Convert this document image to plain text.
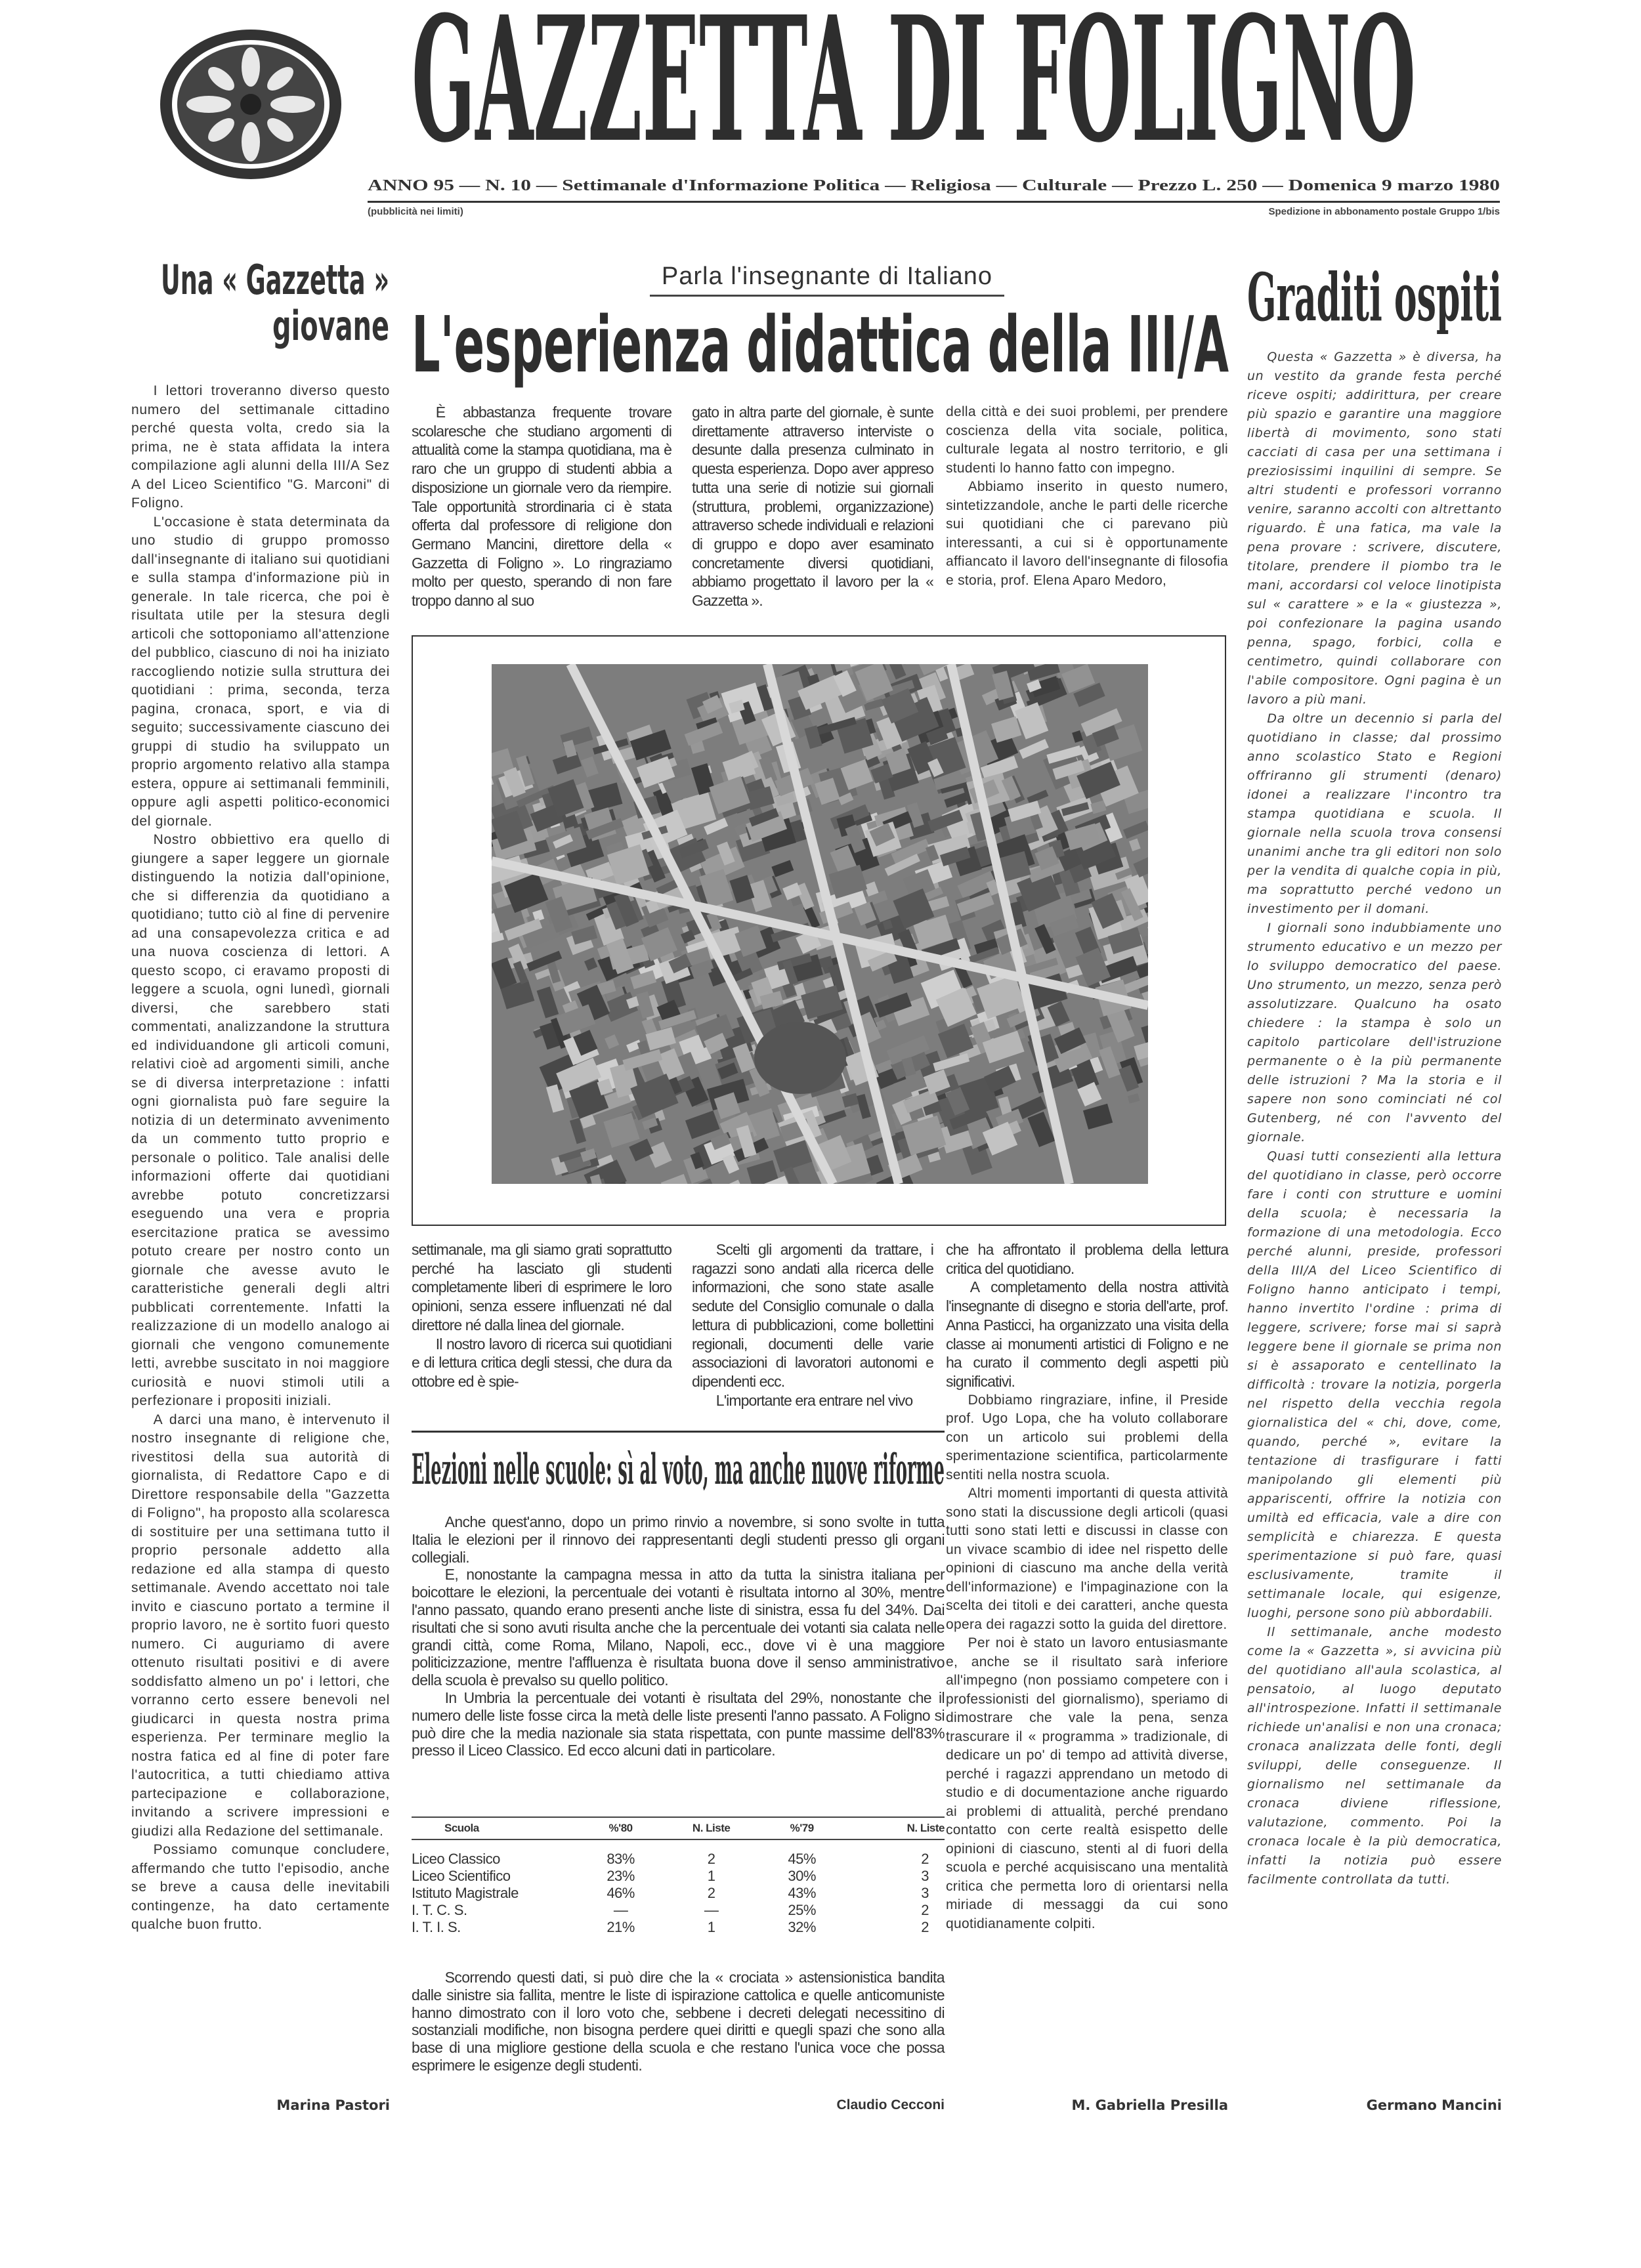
GAZZETTA DI FOLIGNO
ANNO 95 — N. 10 — Settimanale d'Informazione Politica — Religiosa — Culturale — Prezzo L. 250 — Domenica 9 marzo 1980
(pubblicità nei limiti)	Spedizione in abbonamento postale Gruppo 1/bis
Una « Gazzetta »
giovane

I lettori troveranno diverso questo numero del settimanale cittadino perché questa volta, credo sia la prima, ne è stata affidata la intera compilazione agli alunni della III/A Sez A del Liceo Scientifico "G. Marconi" di Foligno.

L'occasione è stata determinata da uno studio di gruppo promosso dall'insegnante di italiano sui quotidiani e sulla stampa d'informazione più in generale. In tale ricerca, che poi è risultata utile per la stesura degli articoli che sottoponiamo all'attenzione del pubblico, ciascuno di noi ha iniziato raccogliendo notizie sulla struttura dei quotidiani : prima, seconda, terza pagina, cronaca, sport, e via di seguito; successivamente ciascuno dei gruppi di studio ha sviluppato un proprio argomento relativo alla stampa estera, oppure ai settimanali femminili, oppure agli aspetti politico-economici del giornale.

Nostro obbiettivo era quello di giungere a saper leggere un giornale distinguendo la notizia dall'opinione, che si differenzia da quotidiano a quotidiano; tutto ciò al fine di pervenire ad una consapevolezza critica e ad una nuova coscienza di lettori. A questo scopo, ci eravamo proposti di leggere a scuola, ogni lunedì, giornali diversi, che sarebbero stati commentati, analizzandone la struttura ed individuandone gli articoli comuni, relativi cioè ad argomenti simili, anche se di diversa interpretazione : infatti ogni giornalista può fare seguire la notizia di un determinato avvenimento da un commento tutto proprio e personale o politico. Tale analisi delle informazioni offerte dai quotidiani avrebbe potuto concretizzarsi eseguendo una vera e propria esercitazione pratica se avessimo potuto creare per nostro conto un giornale che avesse avuto le caratteristiche generali degli altri pubblicati correntemente. Infatti la realizzazione di un modello analogo ai giornali che vengono comunemente letti, avrebbe suscitato in noi maggiore curiosità e nuovi stimoli utili a perfezionare i propositi iniziali.

A darci una mano, è intervenuto il nostro insegnante di religione che, rivestitosi della sua autorità di giornalista, di Redattore Capo e di Direttore responsabile della "Gazzetta di Foligno", ha proposto alla scolaresca di sostituire per una settimana tutto il proprio personale addetto alla redazione ed alla stampa di questo settimanale. Avendo accettato noi tale invito e ciascuno portato a termine il proprio lavoro, ne è sortito fuori questo numero. Ci auguriamo di avere ottenuto risultati positivi e di avere soddisfatto almeno un po' i lettori, che vorranno certo essere benevoli nel giudicarci in questa nostra prima esperienza. Per terminare meglio la nostra fatica ed al fine di poter fare l'autocritica, a tutti chiediamo attiva partecipazione e collaborazione, invitando a scrivere impressioni e giudizi alla Redazione del settimanale.

Possiamo comunque concludere, affermando che tutto l'episodio, anche se breve a causa delle inevitabili contingenze, ha dato certamente qualche buon frutto.

Marina Pastori
Parla l'insegnante di Italiano
L'esperienza didattica della III/A

È abbastanza frequente trovare scolaresche che studiano argomenti di attualità come la stampa quotidiana, ma è raro che un gruppo di studenti abbia a disposizione un giornale vero da riempire. Tale opportunità strordinaria ci è stata offerta dal professore di religione don Germano Mancini, direttore della « Gazzetta di Foligno ». Lo ringraziamo molto per questo, sperando di non fare troppo danno al suo

gato in altra parte del giornale, è sunte direttamente attraverso interviste o desunte dalla presenza culminato in questa esperienza. Dopo aver appreso tutta una serie di notizie sui giornali (struttura, problemi, organizzazione) attraverso schede individuali e relazioni di gruppo e dopo aver esaminato concretamente diversi quotidiani, abbiamo progettato il lavoro per la « Gazzetta ».

della città e dei suoi problemi, per prendere coscienza della vita sociale, politica, culturale legata al nostro territorio, e gli studenti lo hanno fatto con impegno.

Abbiamo inserito in questo numero, sintetizzandole, anche le parti delle ricerche sui quotidiani che ci parevano più interessanti, a cui si è opportunamente affiancato il lavoro dell'insegnante di filosofia e storia, prof. Elena Aparo Medoro,

settimanale, ma gli siamo grati soprattutto perché ha lasciato gli studenti completamente liberi di esprimere le loro opinioni, senza essere influenzati né dal direttore né dalla linea del giornale.

Il nostro lavoro di ricerca sui quotidiani e di lettura critica degli stessi, che dura da ottobre ed è spie-

Scelti gli argomenti da trattare, i ragazzi sono andati alla ricerca delle informazioni, che sono state asalle sedute del Consiglio comunale o dalla lettura di pubblicazioni, come bollettini regionali, documenti delle varie associazioni di lavoratori autonomi e dipendenti ecc.

L'importante era entrare nel vivo

che ha affrontato il problema della lettura critica del quotidiano.

A completamento della nostra attività l'insegnante di disegno e storia dell'arte, prof. Anna Pasticci, ha organizzato una visita della classe ai monumenti artistici di Foligno e ne ha curato il commento degli aspetti più significativi.

Dobbiamo ringraziare, infine, il Preside prof. Ugo Lopa, che ha voluto collaborare con un articolo sui problemi della sperimentazione scientifica, particolarmente sentiti nella nostra scuola.

Altri momenti importanti di questa attività sono stati la discussione degli articoli (quasi tutti sono stati letti e discussi in classe con un vivace scambio di idee nel rispetto delle opinioni di ciascuno ma anche della verità dell'informazione) e l'impaginazione con la scelta dei titoli e dei caratteri, anche questa opera dei ragazzi sotto la guida del direttore.

Per noi è stato un lavoro entusiasmante e, anche se il risultato sarà inferiore all'impegno (non possiamo competere con i professionisti del giornalismo), speriamo di dimostrare che vale la pena, senza trascurare il « programma » tradizionale, di dedicare un po' di tempo ad attività diverse, perché i ragazzi apprendano un metodo di studio e di documentazione anche riguardo ai problemi di attualità, perché prendano contatto con certe realtà esispetto delle opinioni di ciascuno, stenti al di fuori della scuola e perché acquisiscano una mentalità critica che permetta loro di orientarsi nella miriade di messaggi da cui sono quotidianamente colpiti.

M. Gabriella Presilla
Elezioni nelle scuole: sì al voto, ma anche nuove riforme

Anche quest'anno, dopo un primo rinvio a novembre, si sono svolte in tutta Italia le elezioni per il rinnovo dei rappresentanti degli studenti presso gli organi collegiali.

E, nonostante la campagna messa in atto da tutta la sinistra italiana per boicottare le elezioni, la percentuale dei votanti è risultata intorno al 30%, mentre l'anno passato, quando erano presenti anche liste di sinistra, essa fu del 34%. Dai risultati che si sono avuti risulta anche che la percentuale dei votanti sia calata nelle grandi città, come Roma, Milano, Napoli, ecc., dove vi è una maggiore politicizzazione, mentre l'affluenza è risultata buona dove il senso amministrativo della scuola è prevalso su quello politico.

In Umbria la percentuale dei votanti è risultata del 29%, nonostante che il numero delle liste fosse circa la metà delle liste presenti l'anno passato. A Foligno si può dire che la media nazionale sia stata rispettata, con punte massime dell'83% presso il Liceo Classico. Ed ecco alcuni dati in particolare.

Scuola	%'80	N. Liste	%'79	N. Liste
Liceo Classico	83%	2	45%	2
Liceo Scientifico	23%	1	30%	3
Istituto Magistrale	46%	2	43%	3
I. T. C. S.	—	—	25%	2
I. T. I. S.	21%	1	32%	2

Scorrendo questi dati, si può dire che la « crociata » astensionistica bandita dalle sinistre sia fallita, mentre le liste di ispirazione cattolica e quelle anticomuniste hanno dimostrato con il loro voto che, sebbene i decreti delegati necessitino di sostanziali modifiche, non bisogna perdere quei diritti e quegli spazi che sono alla base di una migliore gestione della scuola e che restano l'unica voce che possa esprimere le esigenze degli studenti.

Claudio Cecconi
Graditi ospiti

Questa « Gazzetta » è diversa, ha un vestito da grande festa perché riceve ospiti; addirittura, per creare più spazio e garantire una maggiore libertà di movimento, sono stati cacciati di casa per una settimana i preziosissimi inquilini di sempre. Se altri studenti e professori vorranno venire, saranno accolti con altrettanto riguardo. È una fatica, ma vale la pena provare : scrivere, discutere, titolare, prendere il piombo tra le mani, accordarsi col veloce linotipista sul « carattere » e la « giustezza », poi confezionare la pagina usando penna, spago, forbici, colla e centimetro, quindi collaborare con l'abile compositore. Ogni pagina è un lavoro a più mani.

Da oltre un decennio si parla del quotidiano in classe; dal prossimo anno scolastico Stato e Regioni offriranno gli strumenti (denaro) idonei a realizzare l'incontro tra stampa quotidiana e scuola. Il giornale nella scuola trova consensi unanimi anche tra gli editori non solo per la vendita di qualche copia in più, ma soprattutto perché vedono un investimento per il domani.

I giornali sono indubbiamente uno strumento educativo e un mezzo per lo sviluppo democratico del paese. Uno strumento, un mezzo, senza però assolutizzare. Qualcuno ha osato chiedere : la stampa è solo un capitolo particolare dell'istruzione permanente o è la più permanente delle istruzioni ? Ma la storia e il sapere non sono cominciati né col Gutenberg, né con l'avvento del giornale.

Quasi tutti consezienti alla lettura del quotidiano in classe, però occorre fare i conti con strutture e uomini della scuola; è necessaria la formazione di una metodologia. Ecco perché alunni, preside, professori della III/A del Liceo Scientifico di Foligno hanno anticipato i tempi, hanno invertito l'ordine : prima di leggere, scrivere; forse mai si saprà leggere bene il giornale se prima non si è assaporato e centellinato la difficoltà : trovare la notizia, porgerla nel rispetto della vecchia regola giornalistica del « chi, dove, come, quando, perché », evitare la tentazione di trasfigurare i fatti manipolando gli elementi più appariscenti, offrire la notizia con umiltà ed efficacia, vale a dire con semplicità e chiarezza. E questa sperimentazione si può fare, quasi esclusivamente, tramite il settimanale locale, qui esigenze, luoghi, persone sono più abbordabili.

Il settimanale, anche modesto come la « Gazzetta », si avvicina più del quotidiano all'aula scolastica, al pensatoio, al luogo deputato all'introspezione. Infatti il settimanale richiede un'analisi e non una cronaca; cronaca analizzata delle fonti, degli sviluppi, delle conseguenze. Il giornalismo nel settimanale da cronaca diviene riflessione, valutazione, commento. Poi la cronaca locale è la più democratica, infatti la notizia può essere facilmente controllata da tutti.

Germano Mancini
